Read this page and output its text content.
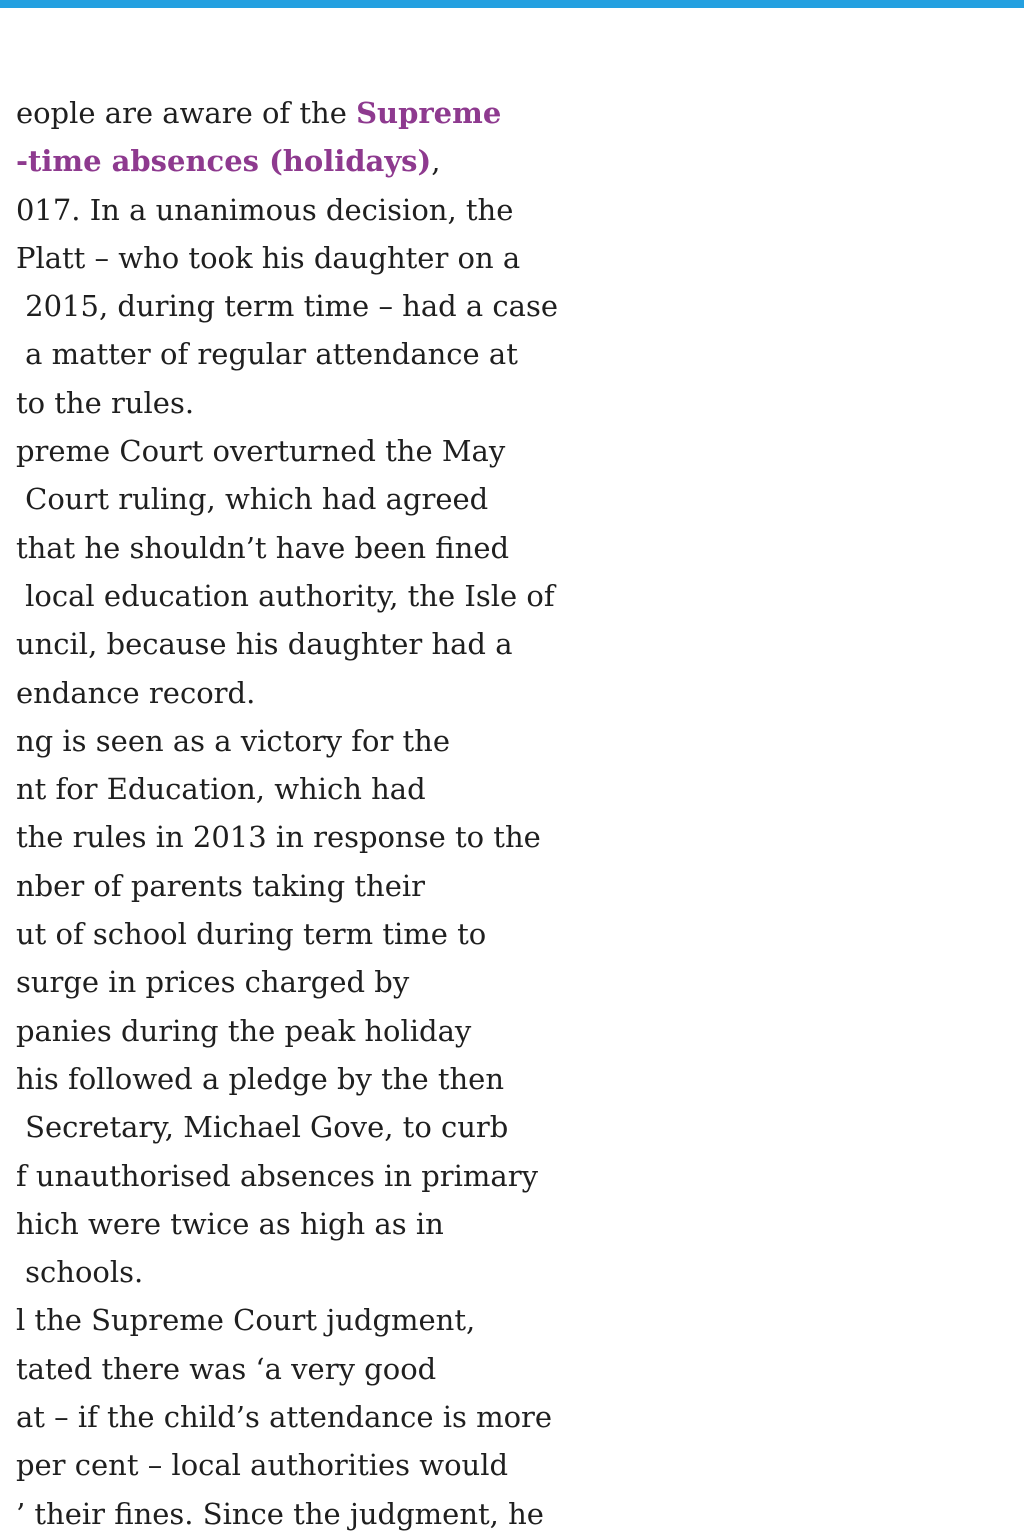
eople are aware of the Supreme
-time absences (holidays),
017. In a unanimous decision, the
Platt – who took his daughter on a
2015, during term time – had a case
a matter of regular attendance at
to the rules.
preme Court overturned the May
Court ruling, which had agreed
that he shouldn’t have been fined
local education authority, the Isle of
uncil, because his daughter had a
endance record.
ng is seen as a victory for the
nt for Education, which had
the rules in 2013 in response to the
nber of parents taking their
ut of school during term time to
surge in prices charged by
panies during the peak holiday
his followed a pledge by the then
Secretary, Michael Gove, to curb
f unauthorised absences in primary
hich were twice as high as in
schools.
l the Supreme Court judgment,
tated there was ‘a very good
at – if the child’s attendance is more
per cent – local authorities would
’ their fines. Since the judgment, he
